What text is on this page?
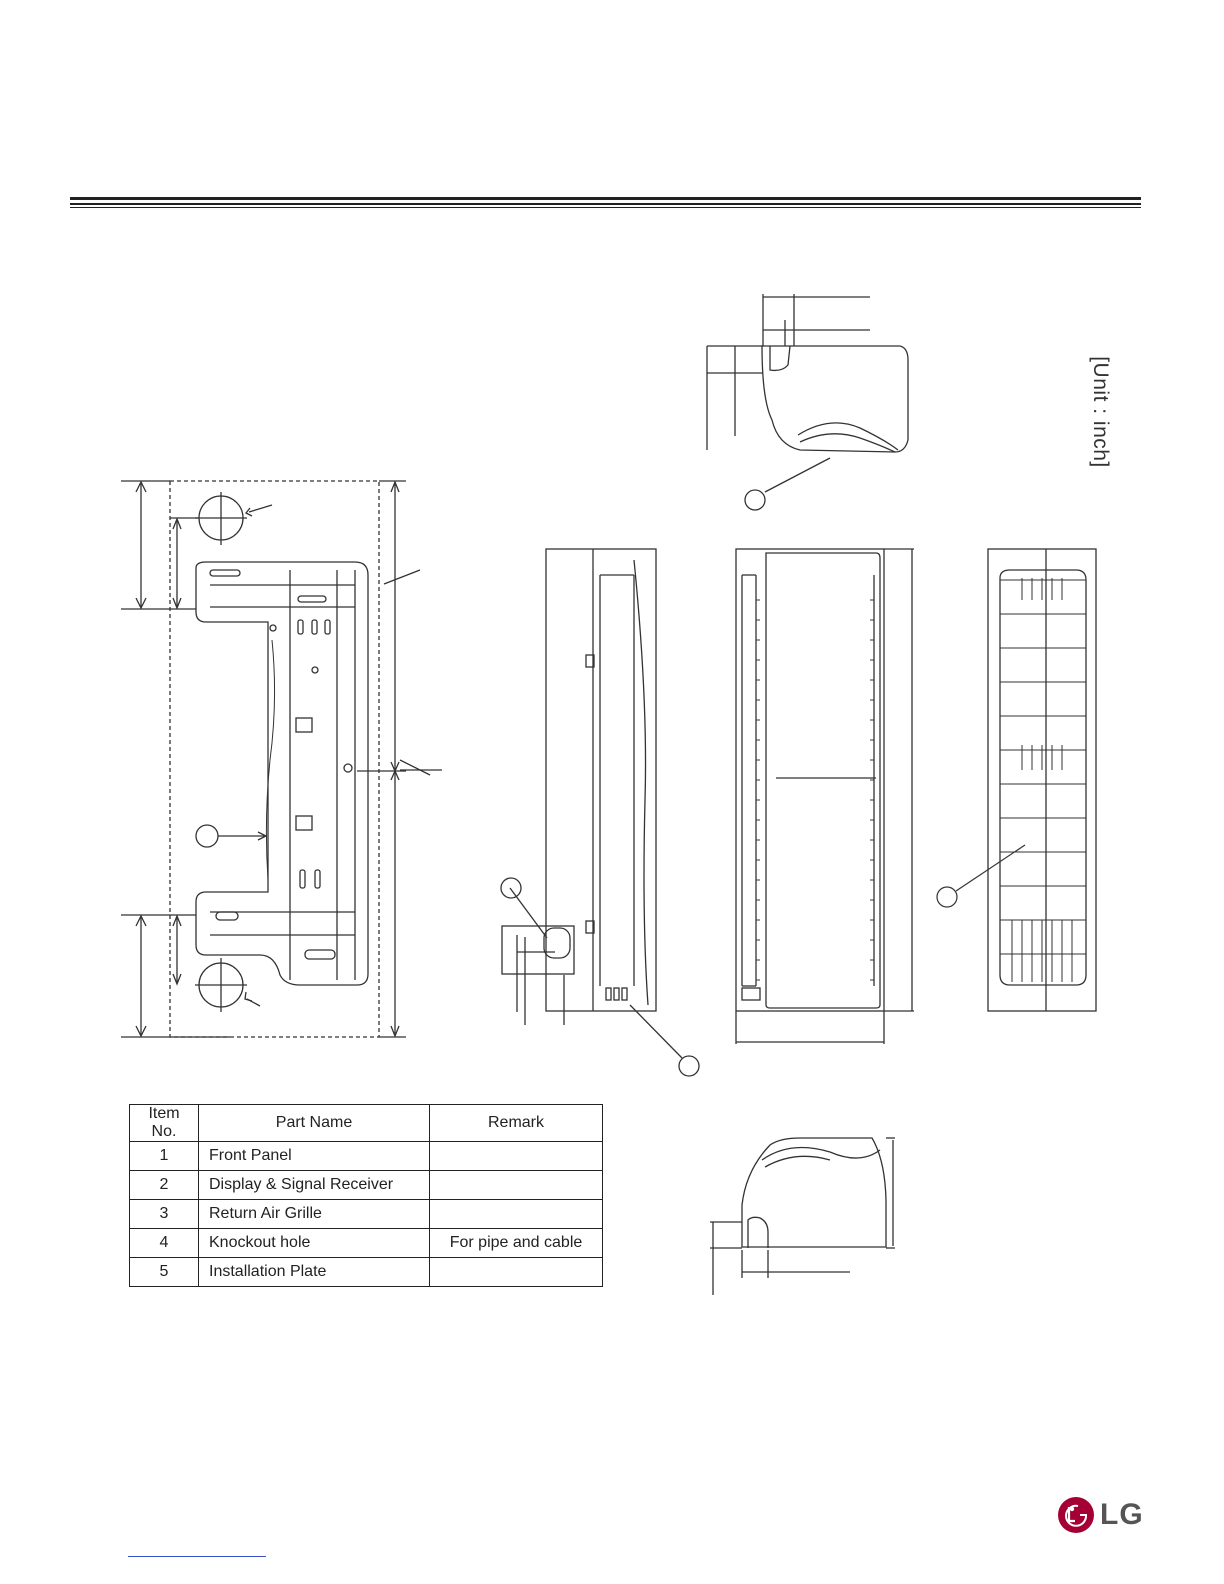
[Unit : inch]
Item No.	Part Name	Remark
1	Front Panel	
2	Display & Signal Receiver	
3	Return Air Grille	
4	Knockout hole	For pipe and cable
5	Installation Plate	
LG
